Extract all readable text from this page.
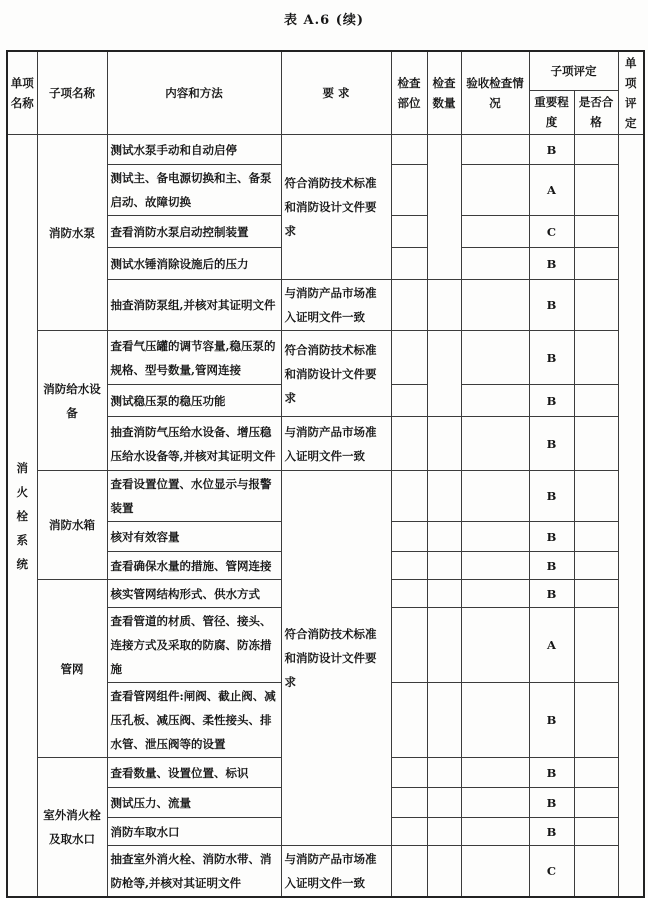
表 A.6 (续)
单项 名称	子项名称	内容和方法	要 求	检查 部位	检查 数量	验收检查情况	子项评定		单项 评定
							重要程度	是否合格	
消火栓系统	消防水泵	测试水泵手动和自动启停	符合消防技术标准和消防设计文件要求				B		
		测试主、备电源切换和主、备泵启动、故障切换					A		
		查看消防水泵启动控制装置					C		
		测试水锤消除设施后的压力					B		
		抽查消防泵组,并核对其证明文件	与消防产品市场准入证明文件一致				B		
	消防给水设备	查看气压罐的调节容量,稳压泵的规格、型号数量,管网连接	符合消防技术标准和消防设计文件要求				B		
		测试稳压泵的稳压功能					B		
		抽查消防气压给水设备、增压稳压给水设备等,并核对其证明文件	与消防产品市场准入证明文件一致				B		
	消防水箱	查看设置位置、水位显示与报警装置	符合消防技术标准和消防设计文件要求				B		
		核对有效容量					B		
		查看确保水量的措施、管网连接					B		
	管网	核实管网结构形式、供水方式					B		
		查看管道的材质、管径、接头、连接方式及采取的防腐、防冻措施					A		
		查看管网组件:闸阀、截止阀、减压孔板、减压阀、柔性接头、排水管、泄压阀等的设置					B		
	室外消火栓 及取水口	查看数量、设置位置、标识					B		
		测试压力、流量					B		
		消防车取水口					B		
		抽查室外消火栓、消防水带、消防枪等,并核对其证明文件	与消防产品市场准入证明文件一致				C		
